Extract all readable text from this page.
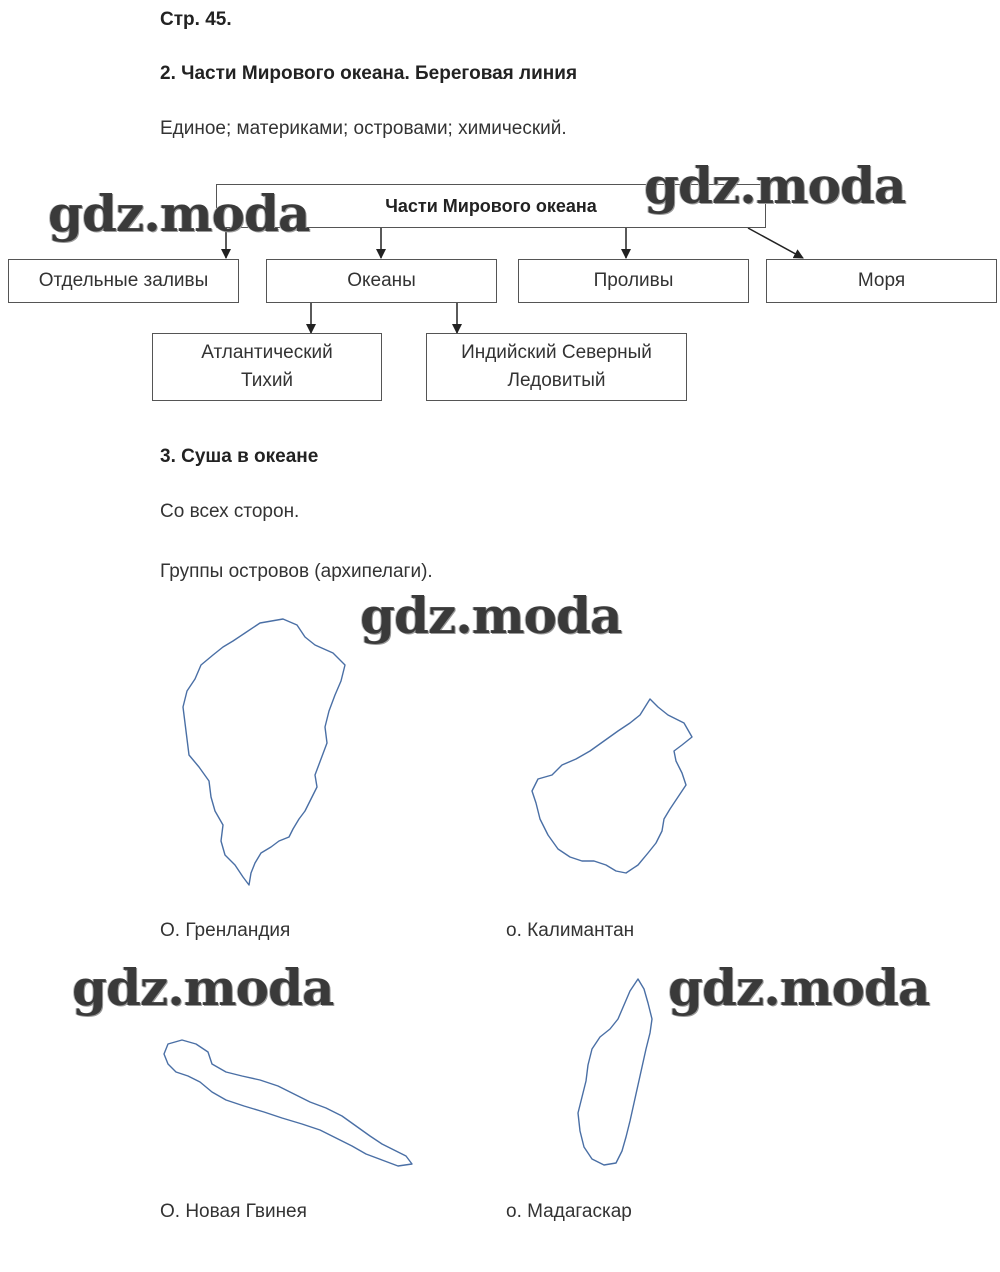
Стр. 45.
2. Части Мирового океана. Береговая линия
Единое; материками; островами; химический.
Части Мирового океана
Отдельные заливы	Океаны	Проливы	Моря
Атлантический
Тихий
Индийский Северный
Ледовитый
3. Суша в океане
Со всех сторон.
Группы островов (архипелаги).
О. Гренландия	о. Калимантан
О. Новая Гвинея	о. Мадагаскар
gdz.moda	gdz.moda
gdz.moda
gdz.moda	gdz.moda
